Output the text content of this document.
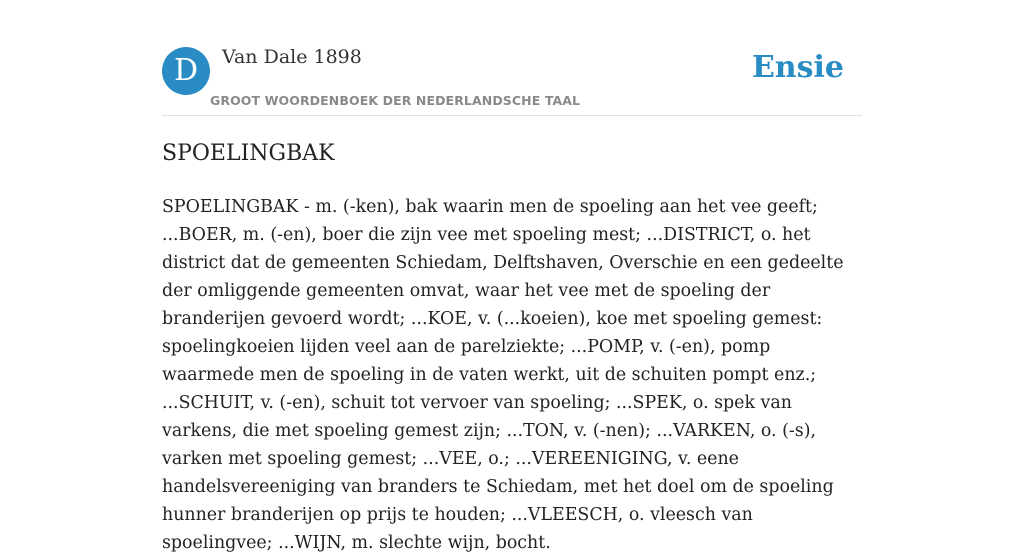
D	Van Dale 1898
GROOT WOORDENBOEK DER NEDERLANDSCHE TAAL
Ensie
SPOELINGBAK

SPOELINGBAK - m. (-ken), bak waarin men de spoeling aan het vee geeft; ...BOER, m. (-en), boer die zijn vee met spoeling mest; ...DISTRICT, o. het district dat de gemeenten Schiedam, Delftshaven, Overschie en een gedeelte der omliggende gemeenten omvat, waar het vee met de spoeling der branderijen gevoerd wordt; ...KOE, v. (...koeien), koe met spoeling gemest: spoelingkoeien lijden veel aan de parelziekte; ...POMP, v. (-en), pomp waarmede men de spoeling in de vaten werkt, uit de schuiten pompt enz.; ...SCHUIT, v. (-en), schuit tot vervoer van spoeling; ...SPEK, o. spek van varkens, die met spoeling gemest zijn; ...TON, v. (-nen); ...VARKEN, o. (-s), varken met spoeling gemest; ...VEE, o.; ...VEREENIGING, v. eene handelsvereeniging van branders te Schiedam, met het doel om de spoeling hunner branderijen op prijs te houden; ...VLEESCH, o. vleesch van spoelingvee; ...WIJN, m. slechte wijn, bocht.
